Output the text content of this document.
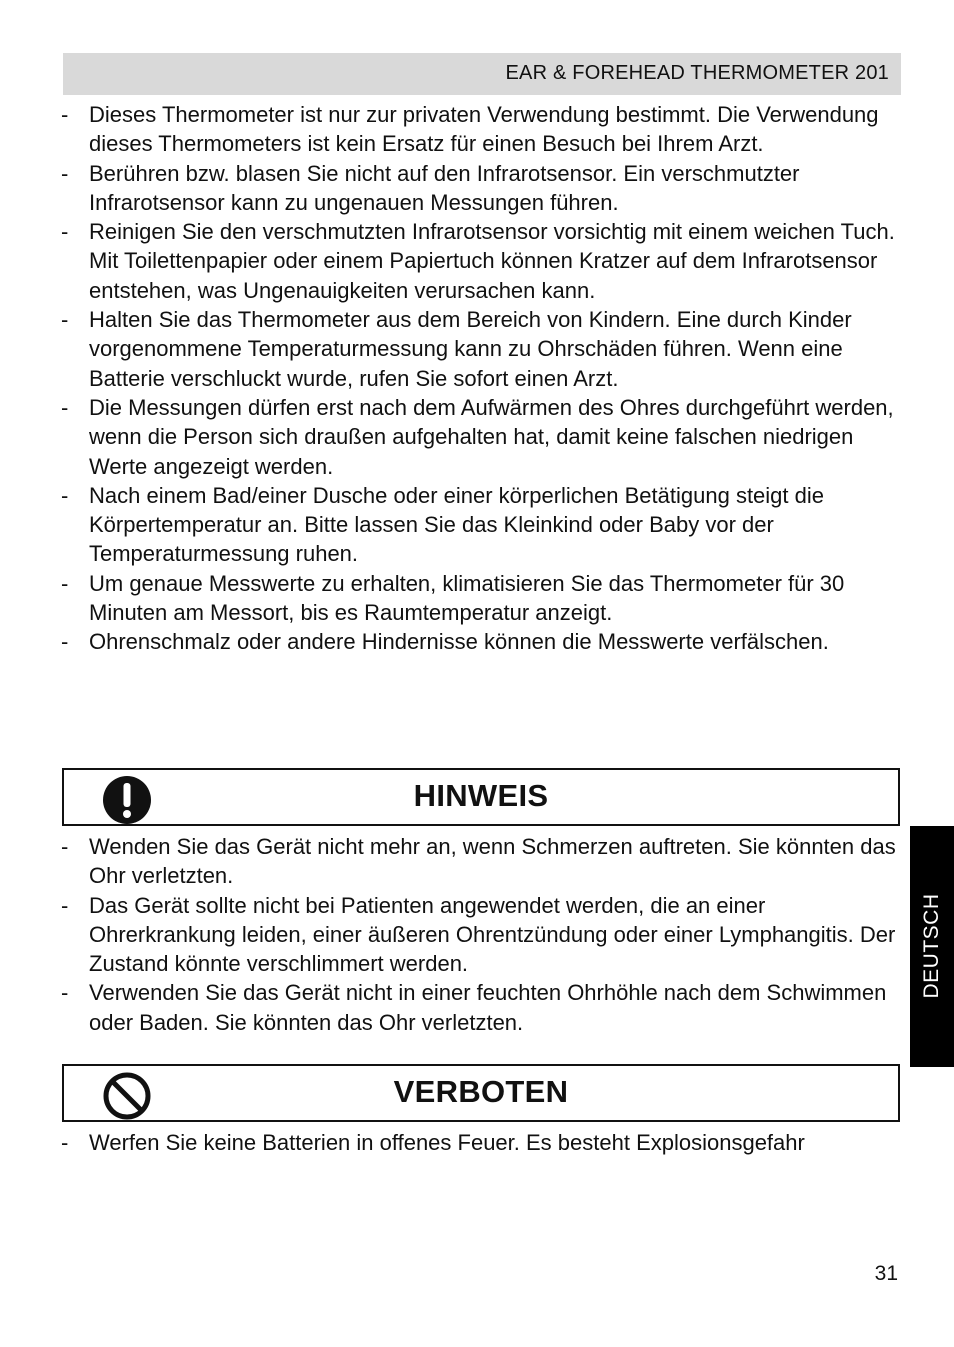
EAR & FOREHEAD THERMOMETER 201
- Dieses Thermometer ist nur zur privaten Verwendung bestimmt. Die Verwendung dieses Thermometers ist kein Ersatz für einen Besuch bei Ihrem Arzt.
- Berühren bzw. blasen Sie nicht auf den Infrarotsensor. Ein verschmutzter Infrarotsensor kann zu ungenauen Messungen führen.
- Reinigen Sie den verschmutzten Infrarotsensor vorsichtig mit einem weichen Tuch. Mit Toilettenpapier oder einem Papiertuch können Kratzer auf dem Infrarotsensor entstehen, was Ungenauigkeiten verursachen kann.
- Halten Sie das Thermometer aus dem Bereich von Kindern. Eine durch Kinder vorgenommene Temperaturmessung kann zu Ohrschäden führen. Wenn eine Batterie verschluckt wurde, rufen Sie sofort einen Arzt.
- Die Messungen dürfen erst nach dem Aufwärmen des Ohres durchgeführt werden, wenn die Person sich draußen aufgehalten hat, damit keine falschen niedrigen Werte angezeigt werden.
- Nach einem Bad/einer Dusche oder einer körperlichen Betätigung steigt die Körpertemperatur an. Bitte lassen Sie das Kleinkind oder Baby vor der Temperaturmessung ruhen.
- Um genaue Messwerte zu erhalten, klimatisieren Sie das Thermometer für 30 Minuten am Messort, bis es Raumtemperatur anzeigt.
- Ohrenschmalz oder andere Hindernisse können die Messwerte verfälschen.
HINWEIS
- Wenden Sie das Gerät nicht mehr an, wenn Schmerzen auftreten. Sie könnten das Ohr verletzten.
- Das Gerät sollte nicht bei Patienten angewendet werden, die an einer Ohrerkrankung leiden, einer äußeren Ohrentzündung oder einer Lymphangitis. Der Zustand könnte verschlimmert werden.
- Verwenden Sie das Gerät nicht in einer feuchten Ohrhöhle nach dem Schwimmen oder Baden. Sie könnten das Ohr verletzten.
VERBOTEN
- Werfen Sie keine Batterien in offenes Feuer. Es besteht Explosionsgefahr
DEUTSCH
31
